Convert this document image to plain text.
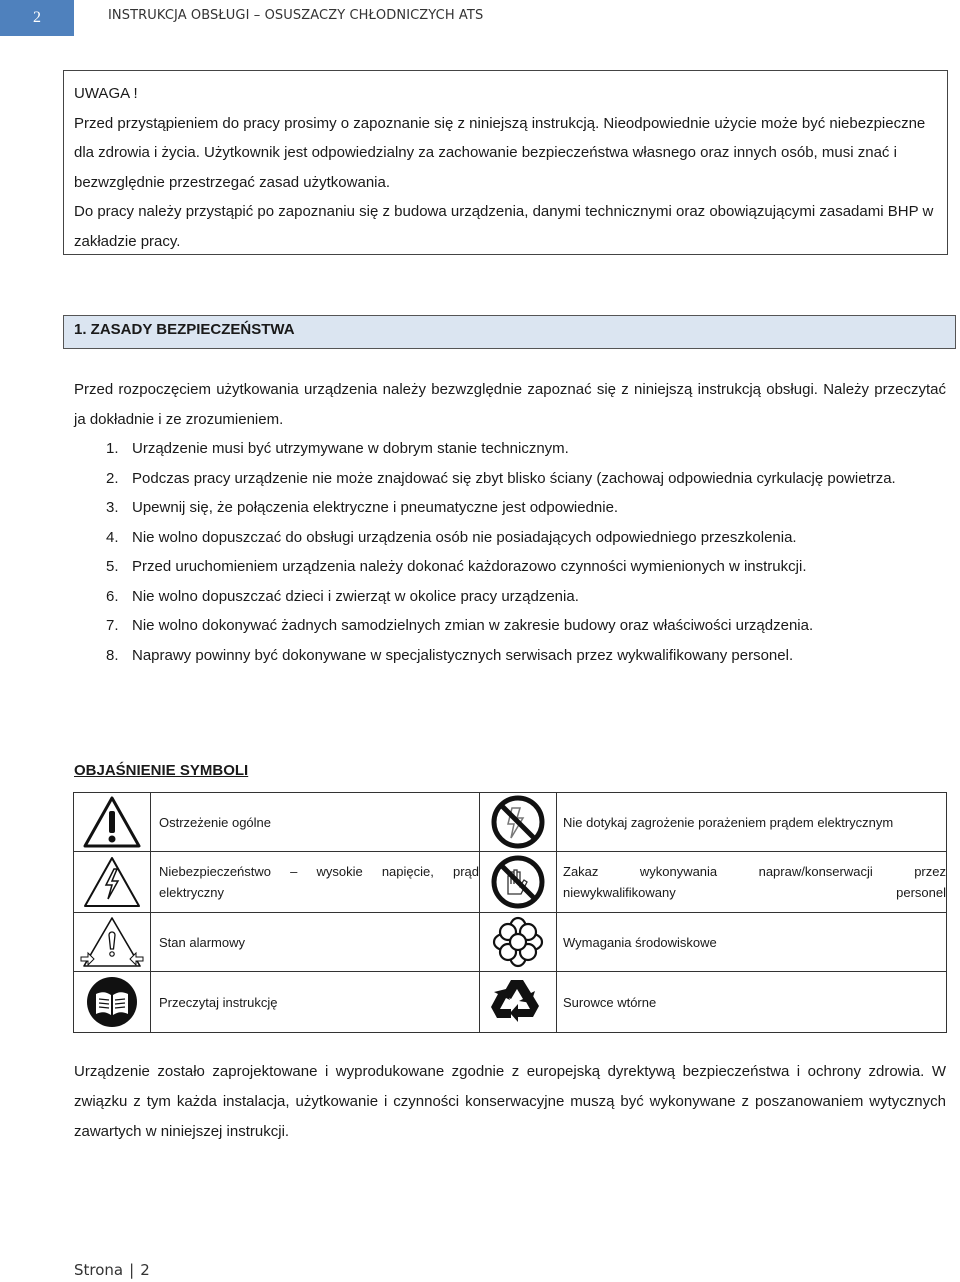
2	INSTRUKCJA OBSŁUGI – OSUSZACZY CHŁODNICZYCH ATS

UWAGA !

Przed przystąpieniem do pracy prosimy o zapoznanie się z niniejszą instrukcją. Nieodpowiednie użycie może być niebezpieczne dla zdrowia i życia. Użytkownik jest odpowiedzialny za zachowanie bezpieczeństwa własnego oraz innych osób, musi znać i bezwzględnie przestrzegać zasad użytkowania.

Do pracy należy przystąpić po zapoznaniu się z budowa urządzenia, danymi technicznymi oraz obowiązującymi zasadami BHP w zakładzie pracy.

1. ZASADY BEZPIECZEŃSTWA

Przed rozpoczęciem użytkowania urządzenia należy bezwzględnie zapoznać się z niniejszą instrukcją obsługi. Należy przeczytać ja dokładnie i ze zrozumieniem.

1. Urządzenie musi być utrzymywane w dobrym stanie technicznym.
2. Podczas pracy urządzenie nie może znajdować się zbyt blisko ściany (zachowaj odpowiednia cyrkulację powietrza.
3. Upewnij się, że połączenia elektryczne i pneumatyczne jest odpowiednie.
4. Nie wolno dopuszczać do obsługi urządzenia osób nie posiadających odpowiedniego przeszkolenia.
5. Przed uruchomieniem urządzenia należy dokonać każdorazowo czynności wymienionych w instrukcji.
6. Nie wolno dopuszczać dzieci i zwierząt w okolice pracy urządzenia.
7. Nie wolno dokonywać żadnych samodzielnych zmian w zakresie budowy oraz właściwości urządzenia.
8. Naprawy powinny być dokonywane w specjalistycznych serwisach przez wykwalifikowany personel.
OBJAŚNIENIE SYMBOLI
	Ostrzeżenie ogólne		Nie dotykaj zagrożenie porażeniem prądem elektrycznym

Niebezpieczeństwo – wysokie napięcie, prąd elektryczny		Zakaz wykonywania napraw/konserwacji przez niewykwalifikowany personel

	Stan alarmowy		Wymagania środowiskowe
	Przeczytaj instrukcję		Surowce wtórne
Urządzenie zostało zaprojektowane i wyprodukowane zgodnie z europejską dyrektywą bezpieczeństwa i ochrony zdrowia. W związku z tym każda instalacja, użytkowanie i czynności konserwacyjne muszą być wykonywane z poszanowaniem wytycznych zawartych w niniejszej instrukcji.
Strona | 2
